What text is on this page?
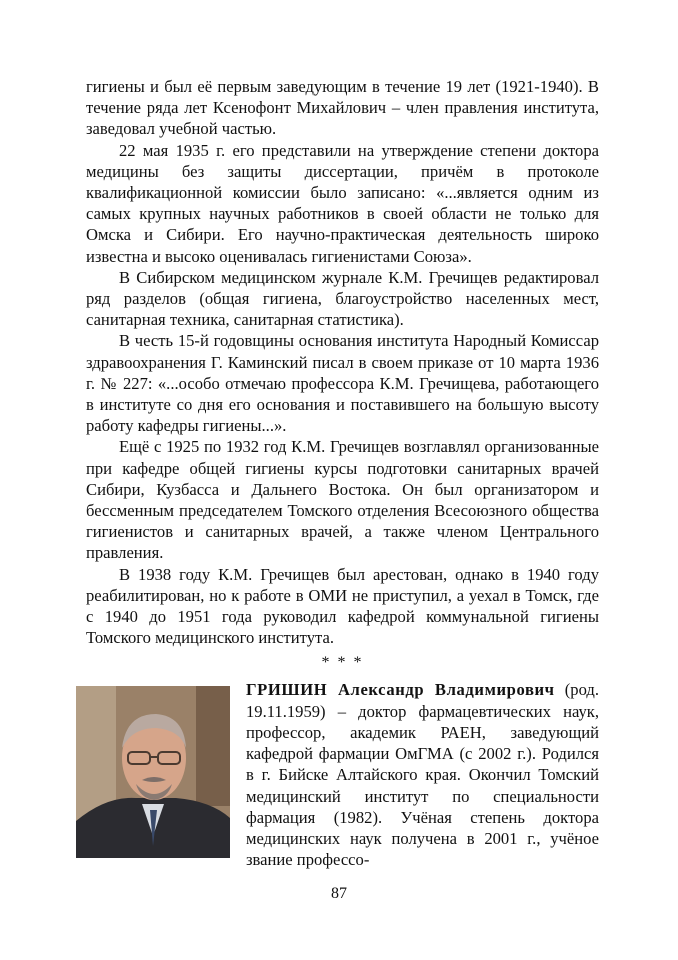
гигиены и был её первым заведующим в течение 19 лет (1921-1940). В течение ряда лет Ксенофонт Михайлович – член правления института, заведовал учебной частью.

22 мая 1935 г. его представили на утверждение степени доктора медицины без защиты диссертации, причём в протоколе квалификационной комиссии было записано: «...является одним из самых крупных научных работников в своей области не только для Омска и Сибири. Его научно-практическая деятельность широко известна и высоко оценивалась гигиенистами Союза».

В Сибирском медицинском журнале К.М. Гречищев редактировал ряд разделов (общая гигиена, благоустройство населенных мест, санитарная техника, санитарная статистика).

В честь 15-й годовщины основания института Народный Комиссар здравоохранения Г. Каминский писал в своем приказе от 10 марта 1936 г. № 227: «...особо отмечаю профессора К.М. Гречищева, работающего в институте со дня его основания и поставившего на большую высоту работу кафедры гигиены...».

Ещё с 1925 по 1932 год К.М. Гречищев возглавлял организованные при кафедре общей гигиены курсы подготовки санитарных врачей Сибири, Кузбасса и Дальнего Востока. Он был организатором и бессменным председателем Томского отделения Всесоюзного общества гигиенистов и санитарных врачей, а также членом Центрального правления.

В 1938 году К.М. Гречищев был арестован, однако в 1940 году реабилитирован, но к работе в ОМИ не приступил, а уехал в Томск, где с 1940 до 1951 года руководил кафедрой коммунальной гигиены Томского медицинского института.

* * *

ГРИШИН Александр Владимирович (род. 19.11.1959) – доктор фармацевтических наук, профессор, академик РАЕН, заведующий кафедрой фармации ОмГМА (с 2002 г.). Родился в г. Бийске Алтайского края. Окончил Томский медицинский институт по специальности фармация (1982). Учёная степень доктора медицинских наук получена в 2001 г., учёное звание профессо-

87
